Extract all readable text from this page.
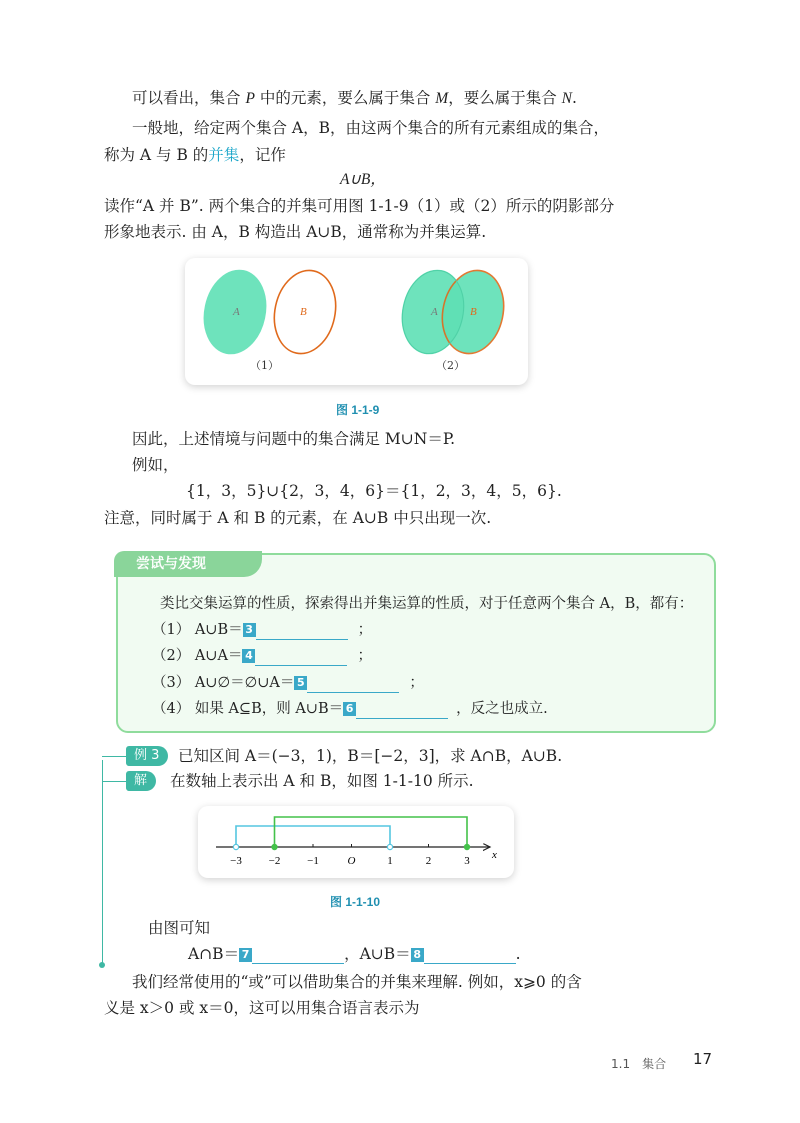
可以看出，集合 P 中的元素，要么属于集合 M，要么属于集合 N.
一般地，给定两个集合 A，B，由这两个集合的所有元素组成的集合，
称为 A 与 B 的并集，记作
A∪B，
读作“A 并 B”. 两个集合的并集可用图 1-1-9（1）或（2）所示的阴影部分
形象地表示. 由 A，B 构造出 A∪B，通常称为并集运算.
A	B
（1）
A	B
（2）
图 1-1-9
因此，上述情境与问题中的集合满足 M∪N＝P.
例如，
{1，3，5}∪{2，3，4，6}＝{1，2，3，4，5，6}.
注意，同时属于 A 和 B 的元素，在 A∪B 中只出现一次.
尝试与发现
类比交集运算的性质，探索得出并集运算的性质，对于任意两个集合 A，B，都有：
（1） A∪B＝ 3	；
（2） A∪A＝ 4	；
（3） A∪∅＝∅∪A＝ 5	；
（4） 如果 A⊆B，则 A∪B＝ 6	，反之也成立.
例 3	已知区间 A＝(−3，1)，B＝[−2，3]，求 A∩B，A∪B.
解	在数轴上表示出 A 和 B，如图 1-1-10 所示.
x
−3 −2 −1	O	1	2	3
图 1-1-10
由图可知
A∩B＝ 7	，A∪B＝ 8	.
我们经常使用的“或”可以借助集合的并集来理解. 例如，x⩾0 的含
义是 x＞0 或 x＝0，这可以用集合语言表示为
1.1　集合 17
